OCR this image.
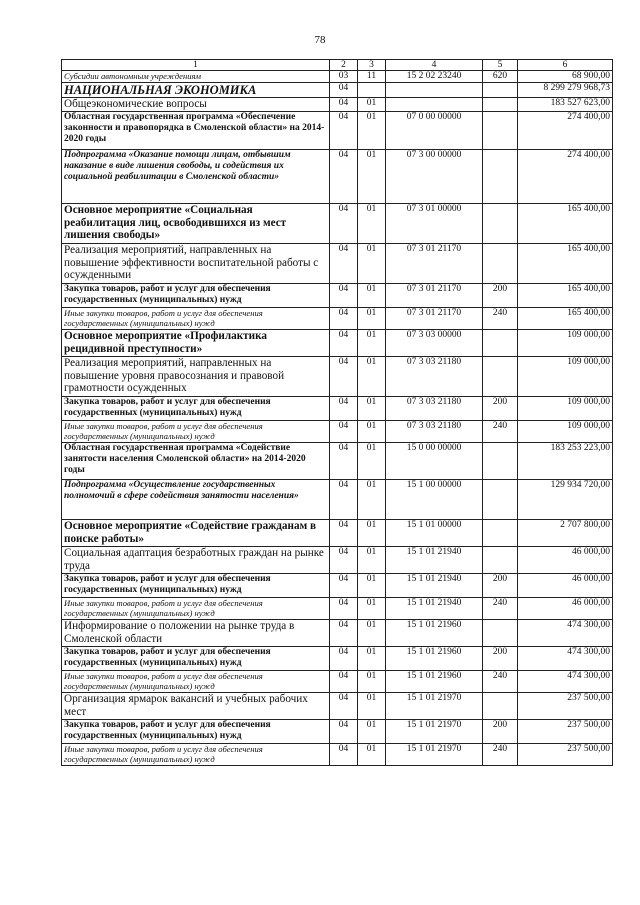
78
1	2	3	4	5	6
Субсидии автономным учреждениям	03	11	15 2 02 23240	620	68 900,00
НАЦИОНАЛЬНАЯ ЭКОНОМИКА	04				8 299 279 968,73
Общеэкономические вопросы	04	01			183 527 623,00
Областная государственная программа «Обеспечение законности и правопорядка в Смоленской области» на 2014-2020 годы	04	01	07 0 00 00000		274 400,00
Подпрограмма «Оказание помощи лицам, отбывшим наказание в виде лишения свободы, и содействия их социальной реабилитации в Смоленской области»	04	01	07 3 00 00000		274 400,00
Основное мероприятие «Социальная реабилитация лиц, освободившихся из мест лишения свободы»	04	01	07 3 01 00000		165 400,00
Реализация мероприятий, направленных на повышение эффективности воспитательной работы с осужденными	04	01	07 3 01 21170		165 400,00
Закупка товаров, работ и услуг для обеспечения государственных (муниципальных) нужд	04	01	07 3 01 21170	200	165 400,00
Иные закупки товаров, работ и услуг для обеспечения государственных (муниципальных) нужд	04	01	07 3 01 21170	240	165 400,00
Основное мероприятие «Профилактика рецидивной преступности»	04	01	07 3 03 00000		109 000,00
Реализация мероприятий, направленных на повышение уровня правосознания и правовой грамотности осужденных	04	01	07 3 03 21180		109 000,00
Закупка товаров, работ и услуг для обеспечения государственных (муниципальных) нужд	04	01	07 3 03 21180	200	109 000,00
Иные закупки товаров, работ и услуг для обеспечения государственных (муниципальных) нужд	04	01	07 3 03 21180	240	109 000,00
Областная государственная программа «Содействие занятости населения Смоленской области» на 2014-2020 годы	04	01	15 0 00 00000		183 253 223,00
Подпрограмма «Осуществление государственных полномочий в сфере содействия занятости населения»	04	01	15 1 00 00000		129 934 720,00
Основное мероприятие «Содействие гражданам в поиске работы»	04	01	15 1 01 00000		2 707 800,00
Социальная адаптация безработных граждан на рынке труда	04	01	15 1 01 21940		46 000,00
Закупка товаров, работ и услуг для обеспечения государственных (муниципальных) нужд	04	01	15 1 01 21940	200	46 000,00
Иные закупки товаров, работ и услуг для обеспечения государственных (муниципальных) нужд	04	01	15 1 01 21940	240	46 000,00
Информирование о положении на рынке труда в Смоленской области	04	01	15 1 01 21960		474 300,00
Закупка товаров, работ и услуг для обеспечения государственных (муниципальных) нужд	04	01	15 1 01 21960	200	474 300,00
Иные закупки товаров, работ и услуг для обеспечения государственных (муниципальных) нужд	04	01	15 1 01 21960	240	474 300,00
Организация ярмарок вакансий и учебных рабочих мест	04	01	15 1 01 21970		237 500,00
Закупка товаров, работ и услуг для обеспечения государственных (муниципальных) нужд	04	01	15 1 01 21970	200	237 500,00
Иные закупки товаров, работ и услуг для обеспечения государственных (муниципальных) нужд	04	01	15 1 01 21970	240	237 500,00
